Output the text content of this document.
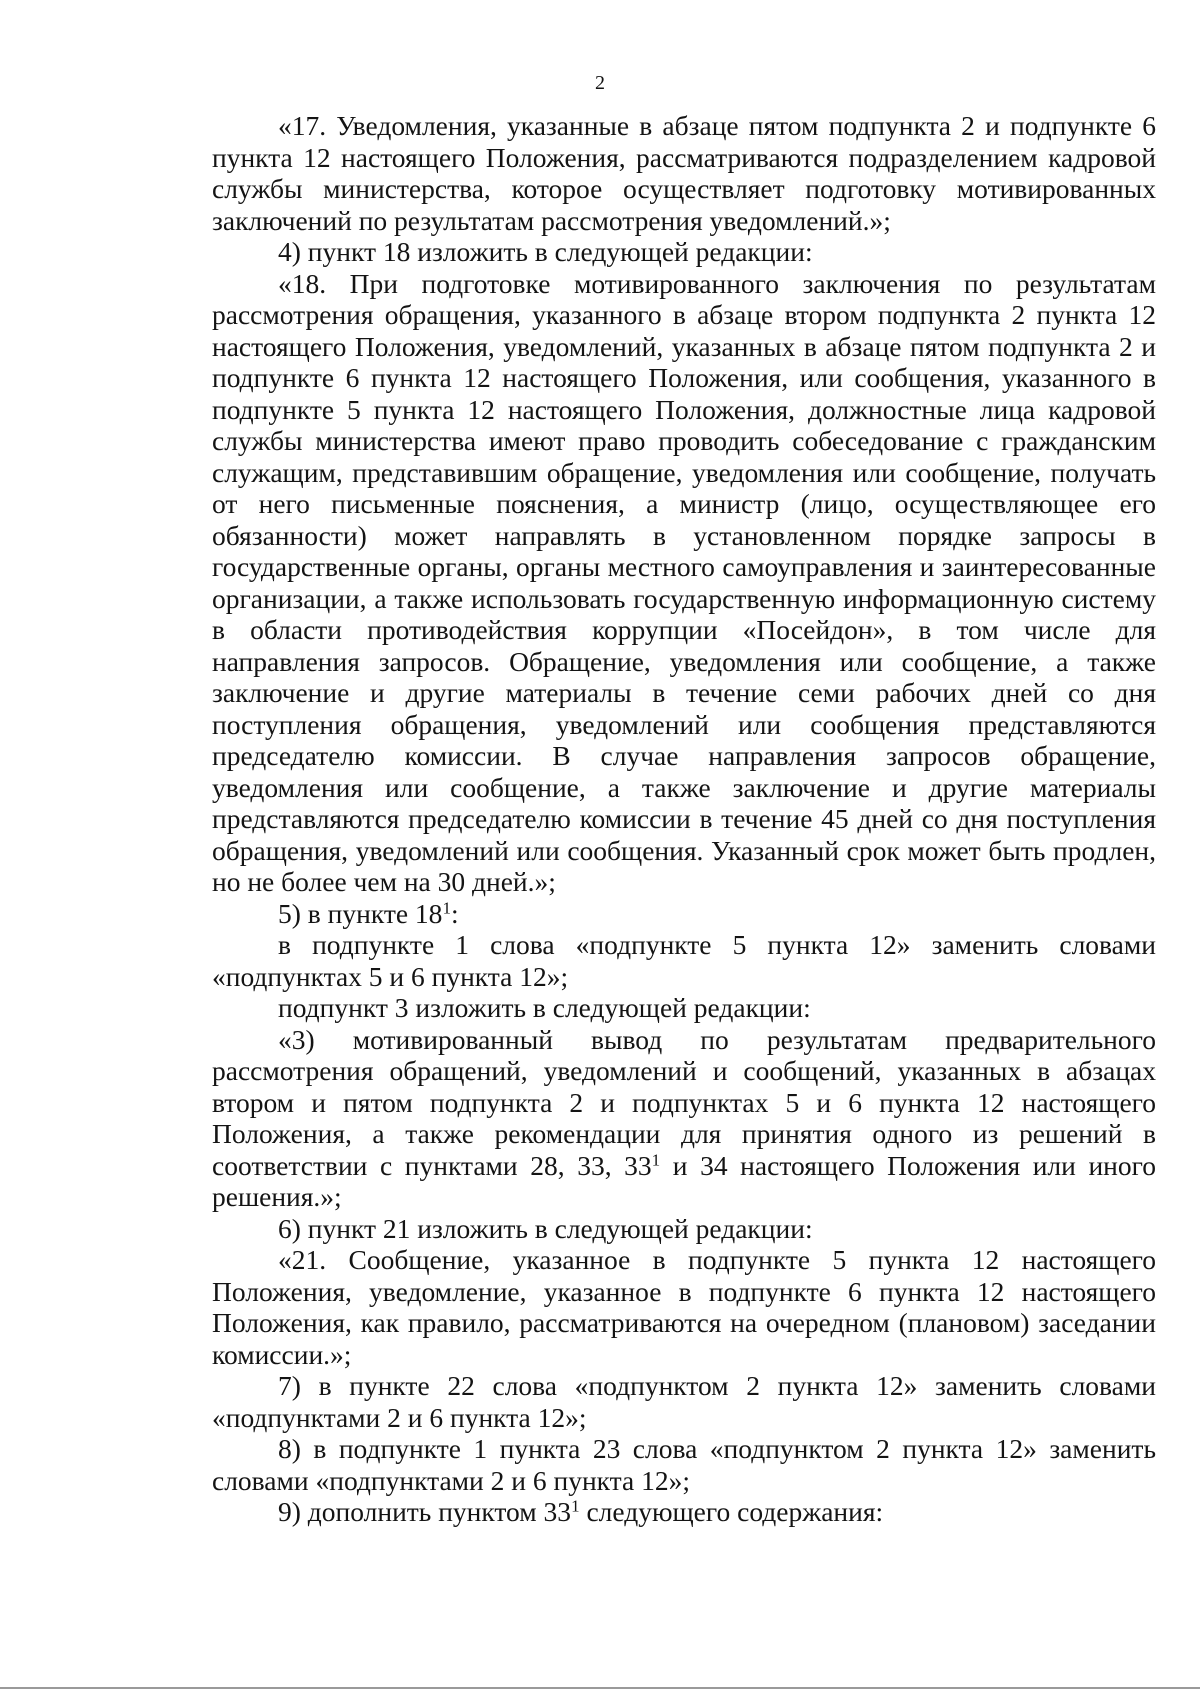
2

«17. Уведомления, указанные в абзаце пятом подпункта 2 и подпункте 6 пункта 12 настоящего Положения, рассматриваются подразделением кадровой службы министерства, которое осуществляет подготовку мотивированных заключений по результатам рассмотрения уведомлений.»;

4) пункт 18 изложить в следующей редакции:

«18. При подготовке мотивированного заключения по результатам рассмотрения обращения, указанного в абзаце втором подпункта 2 пункта 12 настоящего Положения, уведомлений, указанных в абзаце пятом подпункта 2 и подпункте 6 пункта 12 настоящего Положения, или сообщения, указанного в подпункте 5 пункта 12 настоящего Положения, должностные лица кадровой службы министерства имеют право проводить собеседование с гражданским служащим, представившим обращение, уведомления или сообщение, получать от него письменные пояснения, а министр (лицо, осуществляющее его обязанности) может направлять в установленном порядке запросы в государственные органы, органы местного самоуправления и заинтересованные организации, а также использовать государственную информационную систему в области противодействия коррупции «Посейдон», в том числе для направления запросов. Обращение, уведомления или сообщение, а также заключение и другие материалы в течение семи рабочих дней со дня поступления обращения, уведомлений или сообщения представляются председателю комиссии. В случае направления запросов обращение, уведомления или сообщение, а также заключение и другие материалы представляются председателю комиссии в течение 45 дней со дня поступления обращения, уведомлений или сообщения. Указанный срок может быть продлен, но не более чем на 30 дней.»;

5) в пункте $18^1$:

в подпункте 1 слова «подпункте 5 пункта 12» заменить словами «подпунктах 5 и 6 пункта 12»;

подпункт 3 изложить в следующей редакции:

«3) мотивированный вывод по результатам предварительного рассмотрения обращений, уведомлений и сообщений, указанных в абзацах втором и пятом подпункта 2 и подпунктах 5 и 6 пункта 12 настоящего Положения, а также рекомендации для принятия одного из решений в соответствии с пунктами 28, 33, $33^1$ и 34 настоящего Положения или иного решения.»;

6) пункт 21 изложить в следующей редакции:

«21. Сообщение, указанное в подпункте 5 пункта 12 настоящего Положения, уведомление, указанное в подпункте 6 пункта 12 настоящего Положения, как правило, рассматриваются на очередном (плановом) заседании комиссии.»;

7) в пункте 22 слова «подпунктом 2 пункта 12» заменить словами «подпунктами 2 и 6 пункта 12»;

8) в подпункте 1 пункта 23 слова «подпунктом 2 пункта 12» заменить словами «подпунктами 2 и 6 пункта 12»;

9) дополнить пунктом $33^1$ следующего содержания:
